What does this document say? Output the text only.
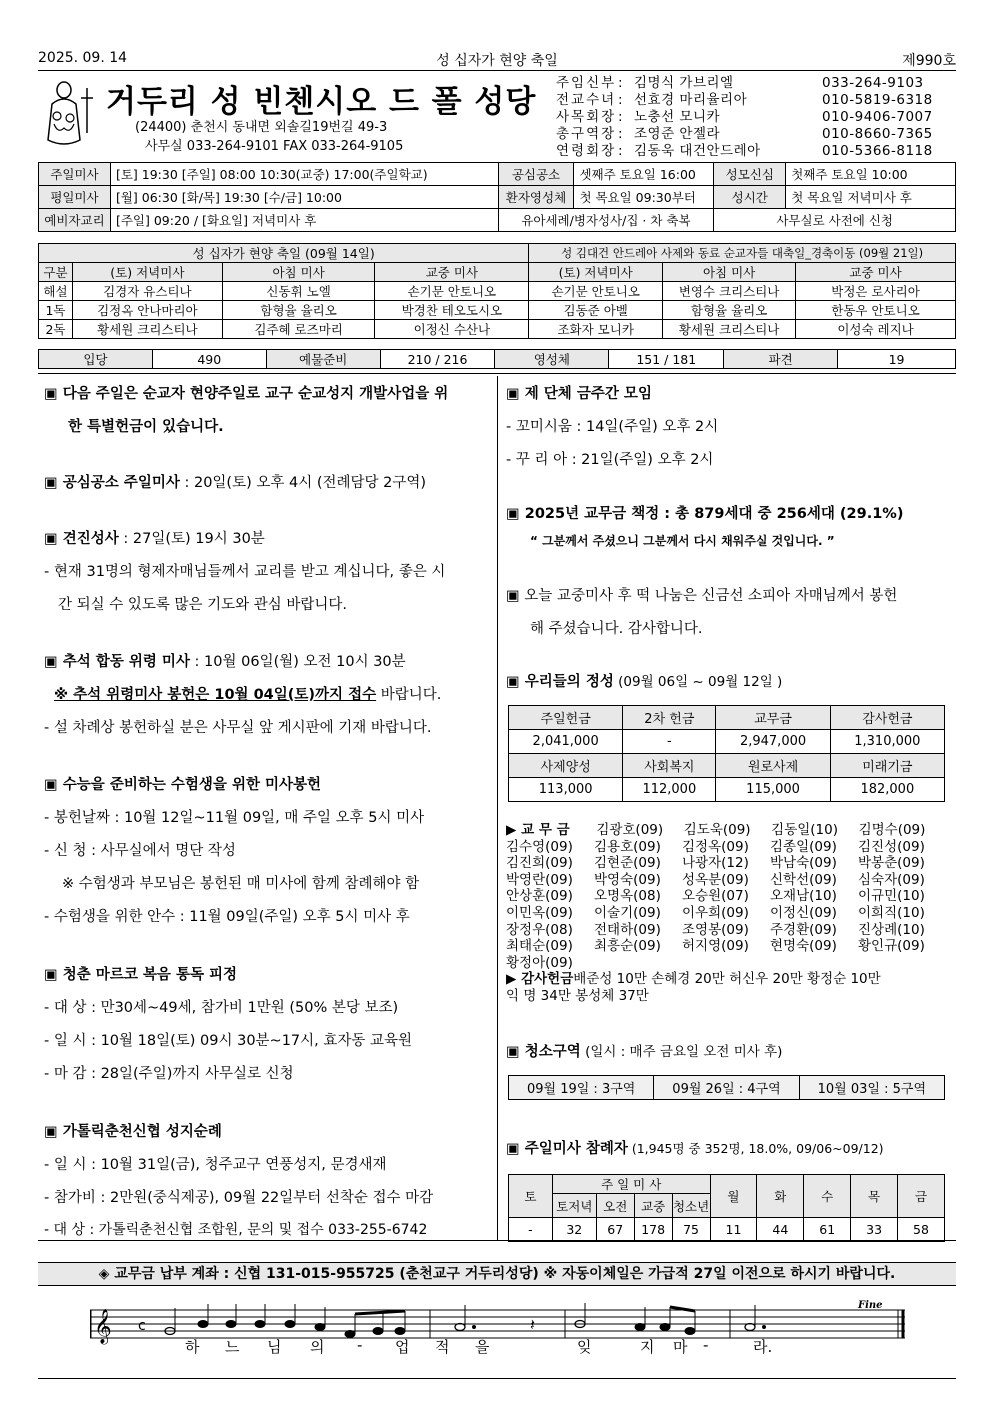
2025. 09. 14	성 십자가 현양 축일	제990호
거두리 성 빈첸시오 드 폴 성당
(24400) 춘천시 동내면 외솔길19번길 49-3
사무실 033-264-9101 FAX 033-264-9105
주임신부 : 김명식 가브리엘	033-264-9103
전교수녀 : 선효경 마리율리아	010-5819-6318
사목회장 : 노충선 모니카	010-9406-7007
총구역장 : 조영준 안젤라	010-8660-7365
연령회장 : 김동욱 대건안드레아	010-5366-8118
주일미사	[토] 19:30 [주일] 08:00 10:30(교중) 17:00(주일학교)	공심공소	셋째주 토요일 16:00	성모신심	첫째주 토요일 10:00
평일미사	[월] 06:30 [화/목] 19:30 [수/금] 10:00	환자영성체	첫 목요일 09:30부터	성시간	첫 목요일 저녁미사 후
예비자교리	[주일] 09:20 / [화요일] 저녁미사 후	유아세례/병자성사/집 · 차 축복		사무실로 사전에 신청	
성 십자가 현양 축일 (09월 14일)				성 김대건 안드레아 사제와 동료 순교자들 대축일_경축이동 (09월 21일)		
구분	(토) 저녁미사	아침 미사	교중 미사	(토) 저녁미사	아침 미사	교중 미사
해설	김경자 유스티나	신동휘 노엘	손기문 안토니오	손기문 안토니오	변영수 크리스티나	박정은 로사리아
1독	김정옥 안나마리아	함형율 율리오	박경찬 테오도시오	김동준 아벨	함형율 율리오	한동우 안토니오
2독	황세원 크리스티나	김주혜 로즈마리	이정신 수산나	조화자 모니카	황세원 크리스티나	이성숙 레지나
입당	490	예물준비	210 / 216	영성체	151 / 181	파견	19
▣ 다음 주일은 순교자 현양주일로 교구 순교성지 개발사업을 위
한 특별헌금이 있습니다.
▣ 공심공소 주일미사 : 20일(토) 오후 4시 (전례담당 2구역)
▣ 견진성사 : 27일(토) 19시 30분
- 현재 31명의 형제자매님들께서 교리를 받고 계십니다, 좋은 시
간 되실 수 있도록 많은 기도와 관심 바랍니다.
▣ 추석 합동 위령 미사 : 10월 06일(월) 오전 10시 30분
※ 추석 위령미사 봉헌은 10월 04일(토)까지 접수 바랍니다.
- 설 차례상 봉헌하실 분은 사무실 앞 게시판에 기재 바랍니다.
▣ 수능을 준비하는 수험생을 위한 미사봉헌
- 봉헌날짜 : 10월 12일~11월 09일, 매 주일 오후 5시 미사
- 신 청 : 사무실에서 명단 작성
※ 수험생과 부모님은 봉헌된 매 미사에 함께 참례해야 함
- 수험생을 위한 안수 : 11월 09일(주일) 오후 5시 미사 후
▣ 청춘 마르코 복음 통독 피정
- 대 상 : 만30세~49세, 참가비 1만원 (50% 본당 보조)
- 일 시 : 10월 18일(토) 09시 30분~17시, 효자동 교육원
- 마 감 : 28일(주일)까지 사무실로 신청
▣ 가톨릭춘천신협 성지순례
- 일 시 : 10월 31일(금), 청주교구 연풍성지, 문경새재
- 참가비 : 2만원(중식제공), 09월 22일부터 선착순 접수 마감
- 대 상 : 가톨릭춘천신협 조합원, 문의 및 접수 033-255-6742
▣ 제 단체 금주간 모임
- 꼬미시움 : 14일(주일) 오후 2시
- 꾸 리 아 : 21일(주일) 오후 2시
▣ 2025년 교무금 책정 : 총 879세대 중 256세대 (29.1%)
“ 그분께서 주셨으니 그분께서 다시 채워주실 것입니다. ”
▣ 오늘 교중미사 후 떡 나눔은 신금선 소피아 자매님께서 봉헌
해 주셨습니다. 감사합니다.
▣ 우리들의 정성 (09월 06일 ~ 09월 12일 )
주일헌금	2차 헌금	교무금	감사헌금
2,041,000	-	2,947,000	1,310,000
사제양성	사회복지	원로사제	미래기금
113,000	112,000	115,000	182,000
▶ 교 무 금	김광호(09)	김도욱(09)	김동일(10)	김명수(09)
김수영(09)	김용호(09)	김정옥(09)	김종일(09)	김진성(09)
김진희(09)	김현준(09)	나광자(12)	박남숙(09)	박봉춘(09)
박영란(09)	박영숙(09)	성옥분(09)	신학선(09)	심숙자(09)
안상훈(09)	오명옥(08)	오승원(07)	오재남(10)	이규민(10)
이민옥(09)	이술기(09)	이우희(09)	이정신(09)	이희직(10)
장정우(08)	전태하(09)	조영봉(09)	주경환(09)	진상례(10)
최태순(09)	최흥순(09)	허지영(09)	현명숙(09)	황인규(09)
황정아(09)
▶ 감사헌금 배준성 10만 손혜경 20만 허신우 20만 황정순 10만
익 명 34만 봉성체 37만
▣ 청소구역 (일시 : 매주 금요일 오전 미사 후)
09월 19일 : 3구역	09월 26일 : 4구역	10월 03일 : 5구역
▣ 주일미사 참례자 (1,945명 중 352명, 18.0%, 09/06~09/12)
토	주 일 미 사				월	화	수	목	금
	토저녁	오전	교중	청소년					
-	32	67	178	75	11	44	61	33	58
◈ 교무금 납부 계좌 : 신협 131-015-955725 (춘천교구 거두리성당) ※ 자동이체일은 가급적 27일 이전으로 하시기 바랍니다.
𝄞 c	𝄽
Fine
하 느 님 의 - 업 적 을	잊	지 마 -	라.
